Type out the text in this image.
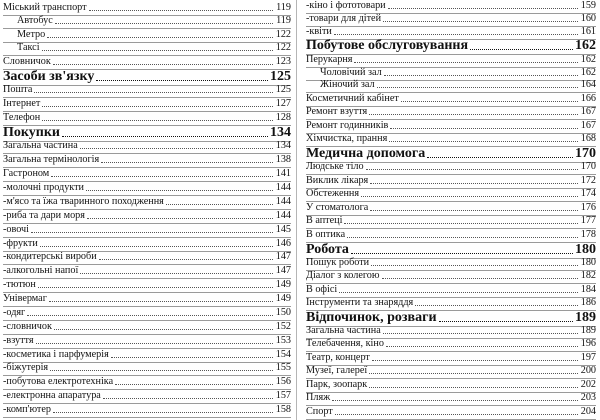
Міський транспорт	119
Автобус	119
Метро	122
Таксі	122
Словничок	123
Засоби зв'язку	125
Пошта	125
Інтернет	127
Телефон	128
Покупки	134
Загальна частина	134
Загальна термінологія	138
Гастроном	141
-молочні продукти	144
-м'ясо та їжа тваринного походження	144
-риба та дари моря	144
-овочі	145
-фрукти	146
-кондитерські вироби	147
-алкогольні напої	147
-тютюн	149
Універмаг	149
-одяг	150
-словничок	152
-взуття	153
-косметика і парфумерія	154
-біжутерія	155
-побутова електротехніка	156
-електронна апаратура	157
-комп'ютер	158
-кіно і фототовари	159
-товари для дітей	160
-квіти	161
Побутове обслуговування	162
Перукарня	162
Чоловічий зал	162
Жіночий зал	164
Косметичний кабінет	166
Ремонт взуття	167
Ремонт годинників	167
Хімчистка, прання	168
Медична допомога	170
Людське тіло	170
Виклик лікаря	172
Обстеження	174
У стоматолога	176
В аптеці	177
В оптика	178
Робота	180
Пошук роботи	180
Діалог з колегою	182
В офісі	184
Інструменти та знаряддя	186
Відпочинок, розваги	189
Загальна частина	189
Телебачення, кіно	196
Театр, концерт	197
Музеї, галереї	200
Парк, зоопарк	202
Пляж	203
Спорт	204
